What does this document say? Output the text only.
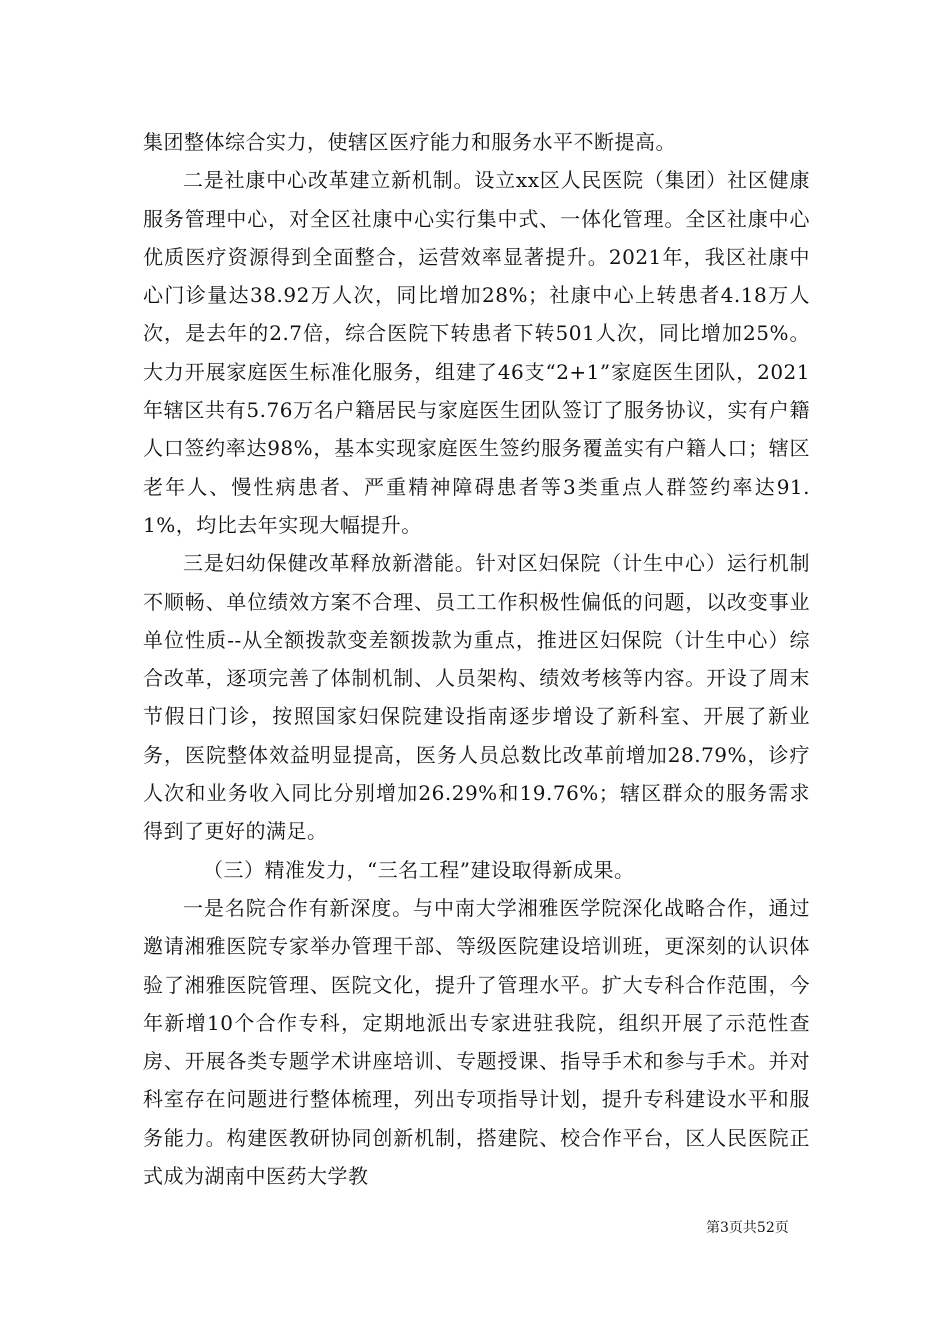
集团整体综合实力，使辖区医疗能力和服务水平不断提高。

二是社康中心改革建立新机制。设立xx区人民医院（集团）社区健康服务管理中心，对全区社康中心实行集中式、一体化管理。全区社康中心优质医疗资源得到全面整合，运营效率显著提升。2021年，我区社康中心门诊量达38.92万人次，同比增加28%；社康中心上转患者4.18万人次，是去年的2.7倍，综合医院下转患者下转501人次，同比增加25%。大力开展家庭医生标准化服务，组建了46支“2+1”家庭医生团队，2021年辖区共有5.76万名户籍居民与家庭医生团队签订了服务协议，实有户籍人口签约率达98%，基本实现家庭医生签约服务覆盖实有户籍人口；辖区老年人、慢性病患者、严重精神障碍患者等3类重点人群签约率达91.1%，均比去年实现大幅提升。

三是妇幼保健改革释放新潜能。针对区妇保院（计生中心）运行机制不顺畅、单位绩效方案不合理、员工工作积极性偏低的问题，以改变事业单位性质--从全额拨款变差额拨款为重点，推进区妇保院（计生中心）综合改革，逐项完善了体制机制、人员架构、绩效考核等内容。开设了周末节假日门诊，按照国家妇保院建设指南逐步增设了新科室、开展了新业务，医院整体效益明显提高，医务人员总数比改革前增加28.79%，诊疗人次和业务收入同比分别增加26.29%和19.76%；辖区群众的服务需求得到了更好的满足。

（三）精准发力，“三名工程”建设取得新成果。

一是名院合作有新深度。与中南大学湘雅医学院深化战略合作，通过邀请湘雅医院专家举办管理干部、等级医院建设培训班，更深刻的认识体验了湘雅医院管理、医院文化，提升了管理水平。扩大专科合作范围，今年新增10个合作专科，定期地派出专家进驻我院，组织开展了示范性查房、开展各类专题学术讲座培训、专题授课、指导手术和参与手术。并对科室存在问题进行整体梳理，列出专项指导计划，提升专科建设水平和服务能力。构建医教研协同创新机制，搭建院、校合作平台，区人民医院正式成为湖南中医药大学教

第3页共52页
